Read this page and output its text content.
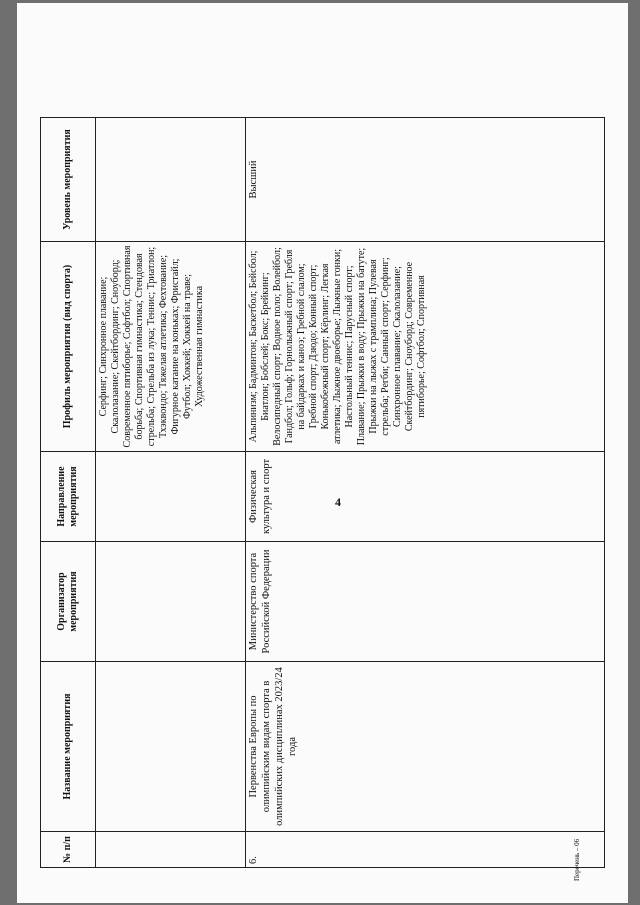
4
Перечень – 06
№ п/п	Название мероприятия	Организатор мероприятия	Направление мероприятия	Профиль мероприятия (вид спорта)	Уровень мероприятия
				Серфинг; Синхронное плавание; Скалолазание; Скейтбординг; Сноуборд; Современное пятиборье; Софтбол; Спортивная борьба; Спортивная гимнастика; Стендовая стрельба; Стрельба из лука; Теннис; Триатлон; Тхэквондо; Тяжелая атлетика; Фехтование; Фигурное катание на коньках; Фристайл; Футбол; Хоккей; Хоккей на траве; Художественная гимнастика	
6.	Первенства Европы по олимпийским видам спорта в олимпийских дисциплинах 2023/24 года	Министерство спорта Российской Федерации	Физическая культура и спорт	Альпинизм; Бадминтон; Баскетбол; Бейсбол; Биатлон; Бобслей; Бокс; Брейкинг; Велосипедный спорт; Водное поло; Волейбол; Гандбол; Гольф; Горнолыжный спорт; Гребля на байдарках и каноэ; Гребной слалом; Гребной спорт; Дзюдо; Конный спорт; Конькобежный спорт; Кёрлинг; Легкая атлетика; Лыжное двоеборье; Лыжные гонки; Настольный теннис; Парусный спорт; Плавание; Прыжки в воду; Прыжки на батуте; Прыжки на лыжах с трамплина; Пулевая стрельба; Регби; Санный спорт; Серфинг; Синхронное плавание; Скалолазание; Скейтбординг; Сноуборд; Современное пятиборье; Софтбол; Спортивная	Высший
